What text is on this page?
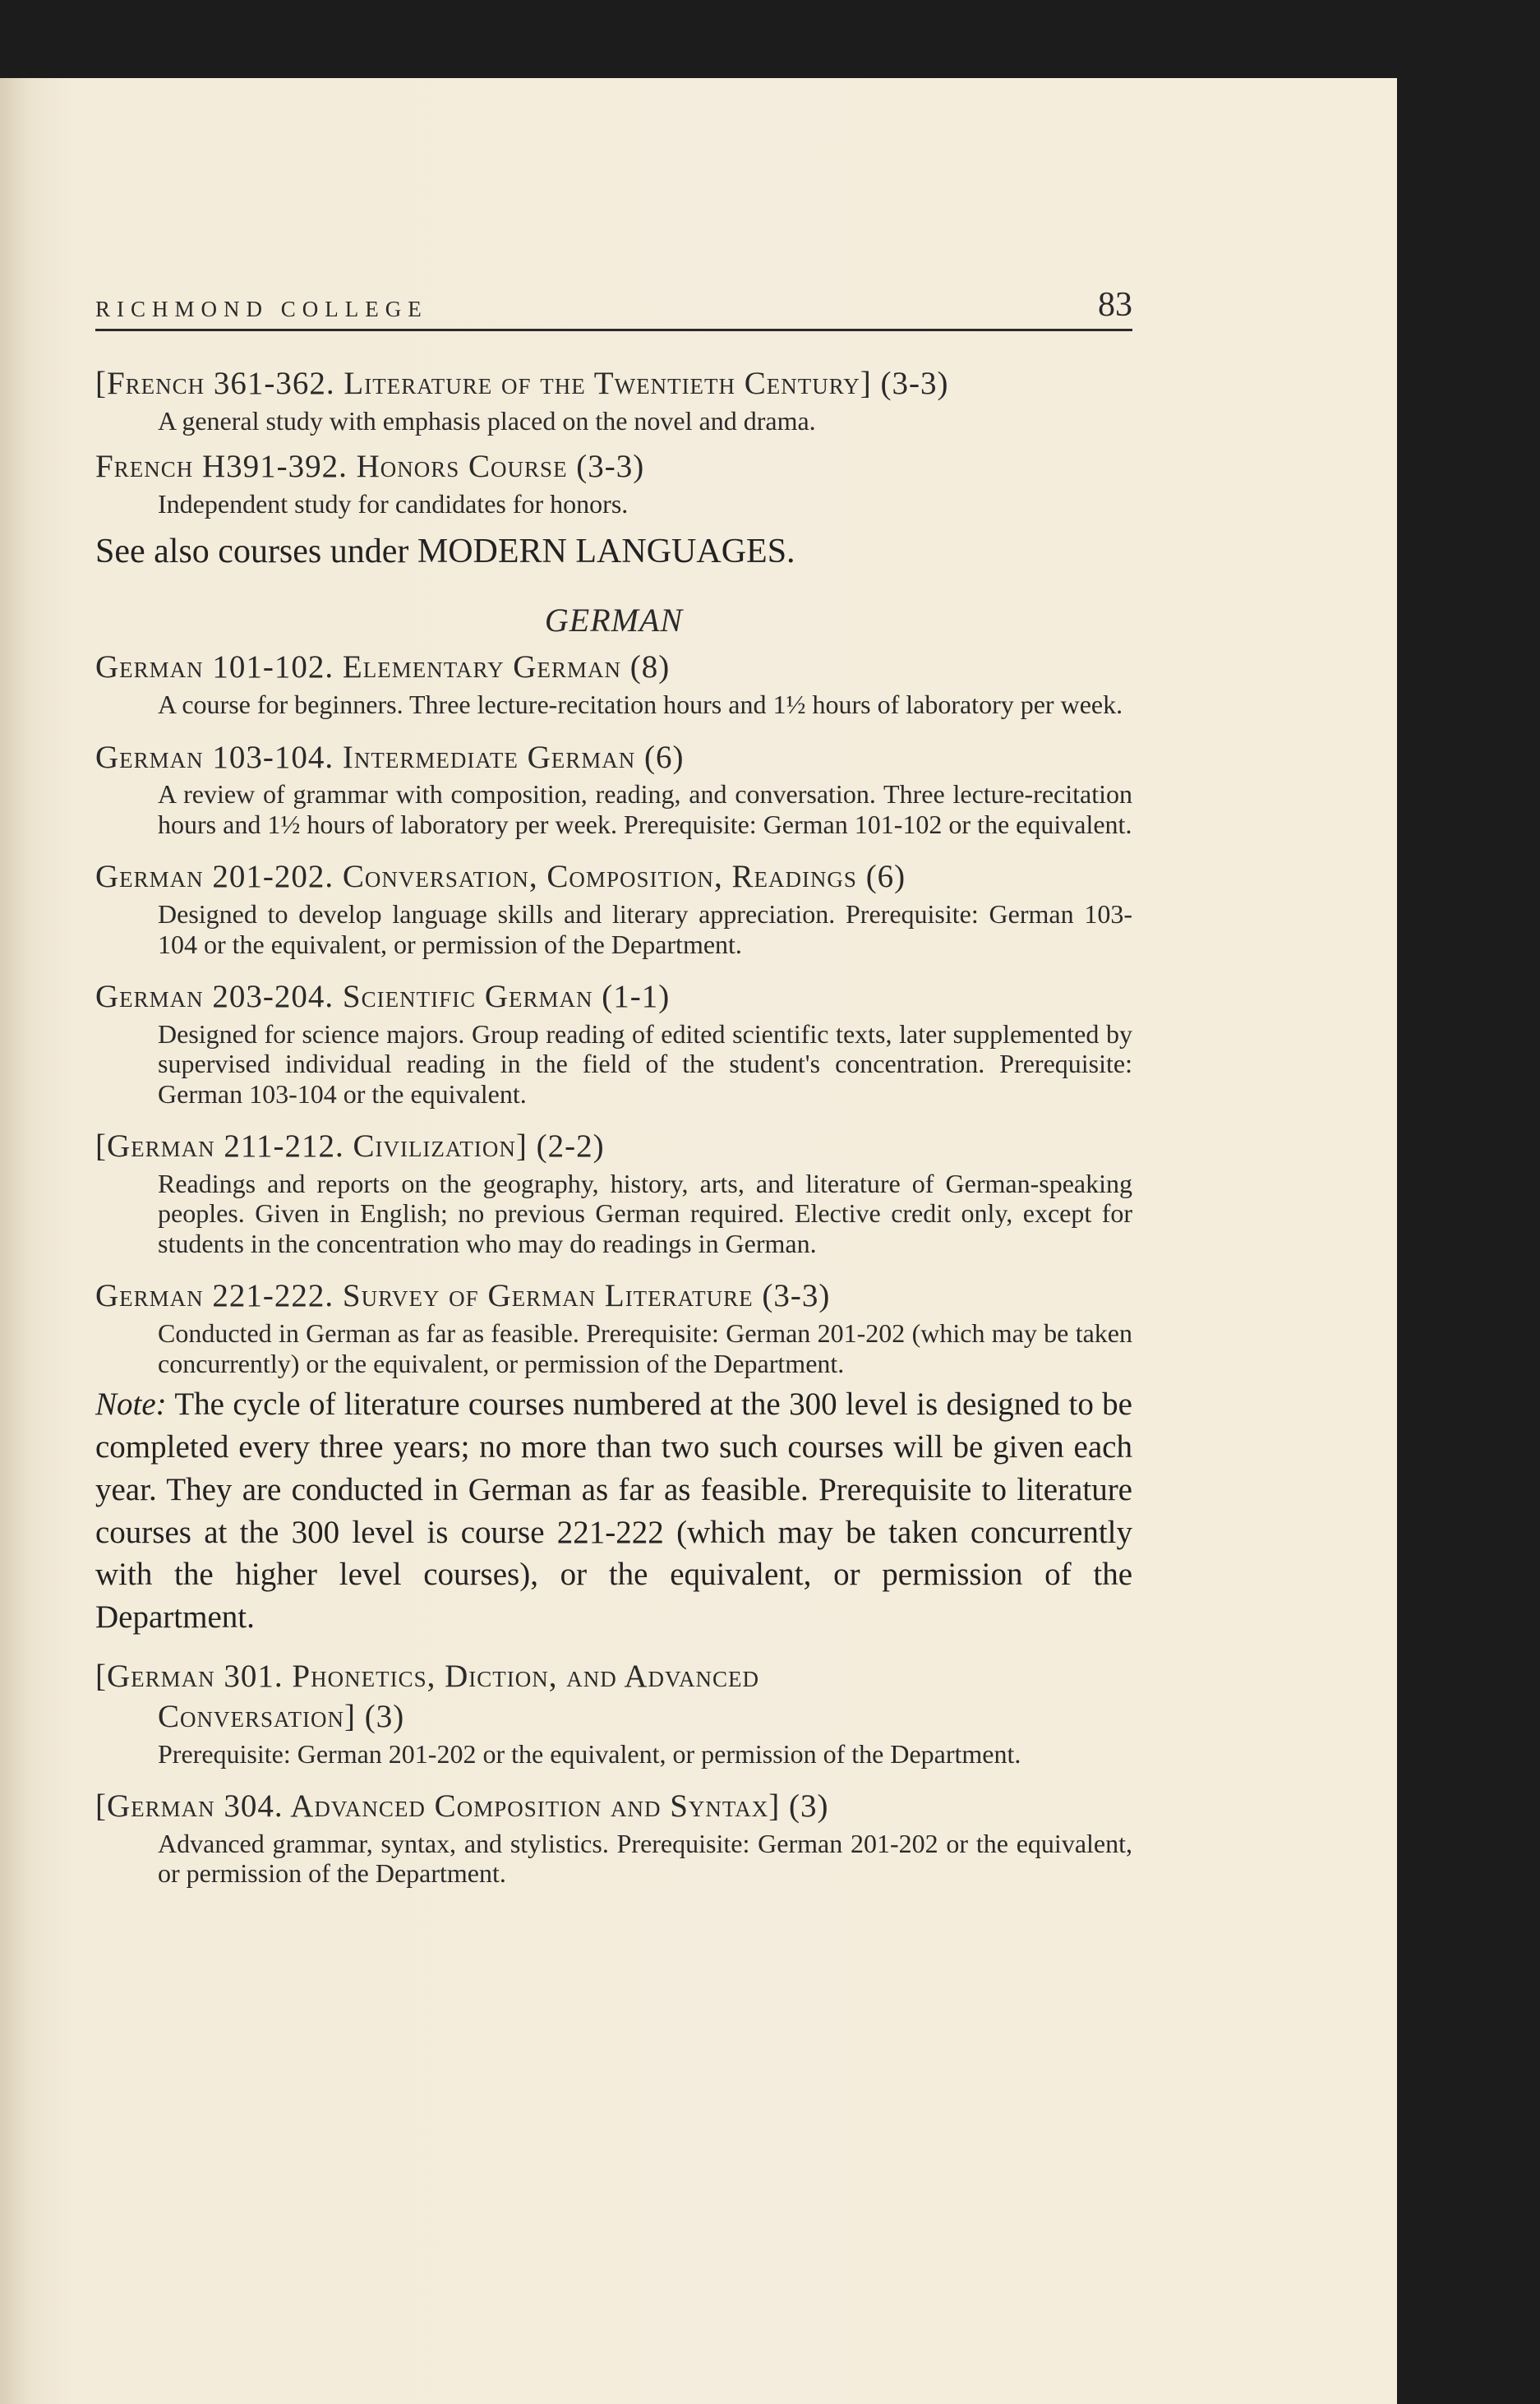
RICHMOND COLLEGE	83

[French 361-362. Literature of the Twentieth Century] (3-3)

A general study with emphasis placed on the novel and drama.

French H391-392. Honors Course (3-3)

Independent study for candidates for honors.

See also courses under MODERN LANGUAGES.
GERMAN

German 101-102. Elementary German (8)

A course for beginners. Three lecture-recitation hours and 1½ hours of laboratory per week.

German 103-104. Intermediate German (6)

A review of grammar with composition, reading, and conversation. Three lecture-recitation hours and 1½ hours of laboratory per week. Prerequisite: German 101-102 or the equivalent.

German 201-202. Conversation, Composition, Readings (6)

Designed to develop language skills and literary appreciation. Prerequisite: German 103-104 or the equivalent, or permission of the Department.

German 203-204. Scientific German (1-1)

Designed for science majors. Group reading of edited scientific texts, later supplemented by supervised individual reading in the field of the student's concentration. Prerequisite: German 103-104 or the equivalent.

[German 211-212. Civilization] (2-2)

Readings and reports on the geography, history, arts, and literature of German-speaking peoples. Given in English; no previous German required. Elective credit only, except for students in the concentration who may do readings in German.

German 221-222. Survey of German Literature (3-3)

Conducted in German as far as feasible. Prerequisite: German 201-202 (which may be taken concurrently) or the equivalent, or permission of the Department.

Note: The cycle of literature courses numbered at the 300 level is designed to be completed every three years; no more than two such courses will be given each year. They are conducted in German as far as feasible. Prerequisite to literature courses at the 300 level is course 221-222 (which may be taken concurrently with the higher level courses), or the equivalent, or permission of the Department.

[German 301. Phonetics, Diction, and Advanced

Conversation] (3)

Prerequisite: German 201-202 or the equivalent, or permission of the Department.

[German 304. Advanced Composition and Syntax] (3)

Advanced grammar, syntax, and stylistics. Prerequisite: German 201-202 or the equivalent, or permission of the Department.
